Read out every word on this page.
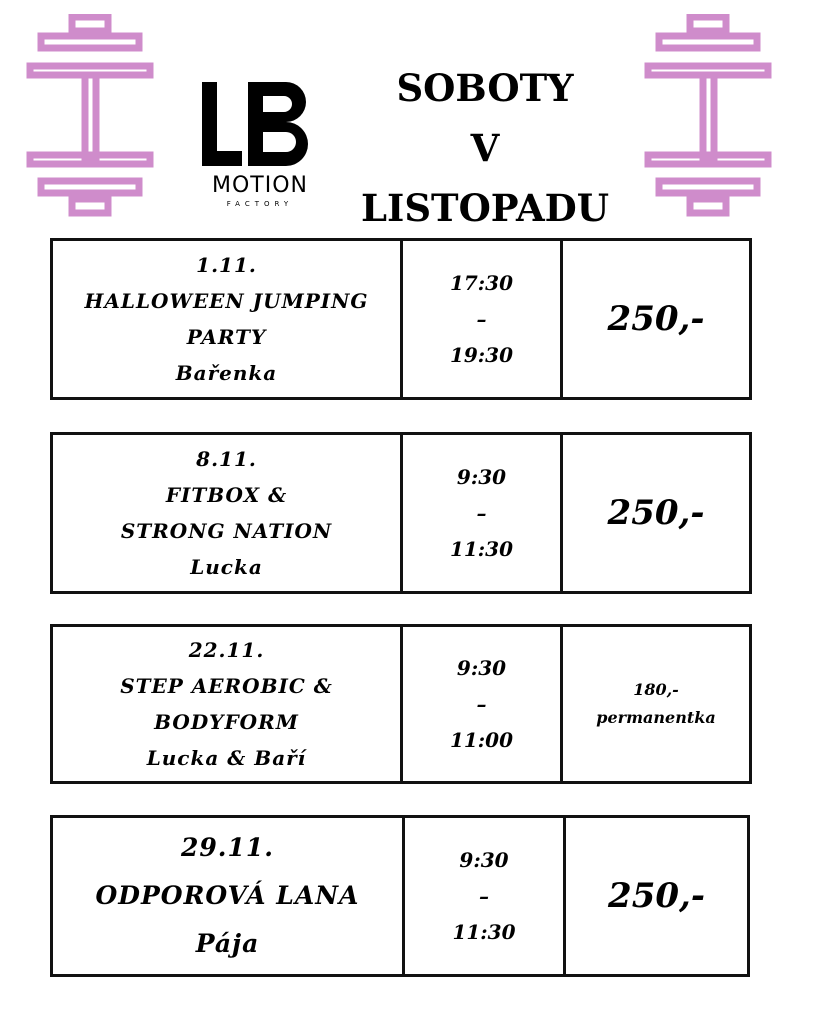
MOTION
FACTORY
SOBOTY
V
LISTOPADU
1.11.
HALLOWEEN JUMPING
PARTY
Bařenka
17:30
–
19:30
250,-
8.11.
FITBOX &
STRONG NATION
Lucka
9:30
–
11:30
250,-
22.11.
STEP AEROBIC &
BODYFORM
Lucka & Baří
9:30
–
11:00
180,-
permanentka
29.11.
ODPOROVÁ LANA
Pája
9:30
–
11:30
250,-
